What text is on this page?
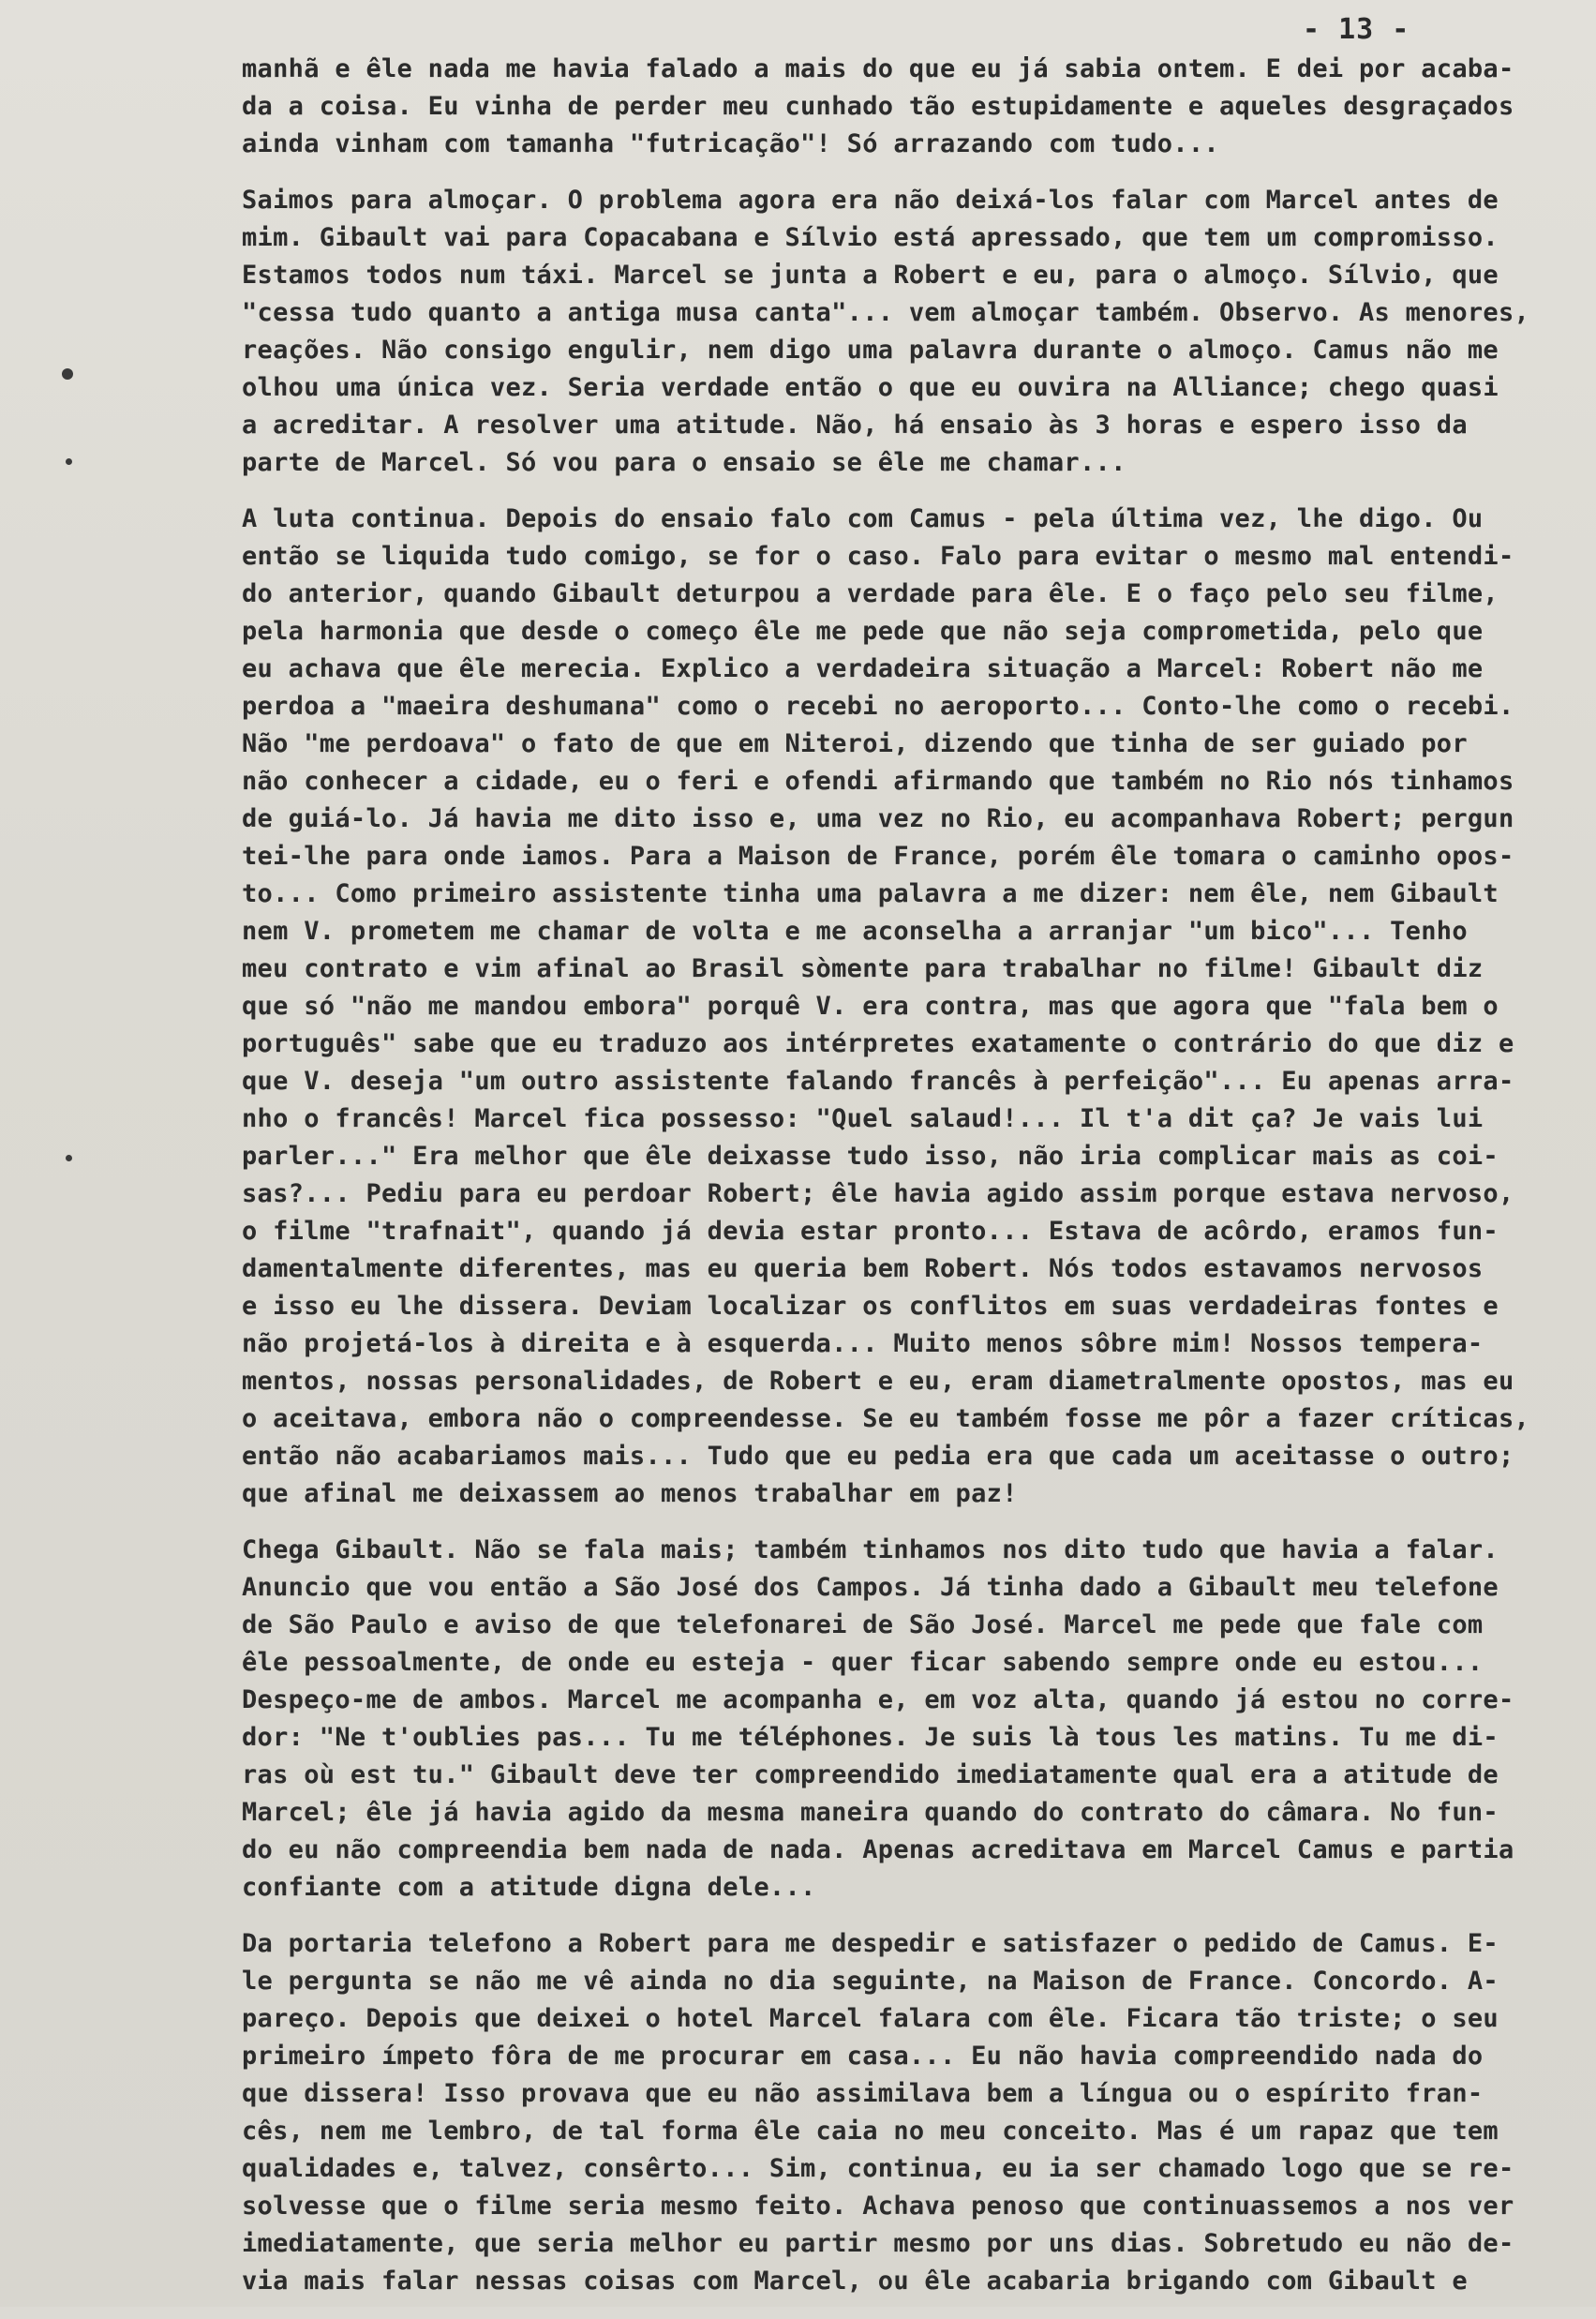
- 13 -
manhã e êle nada me havia falado a mais do que eu já sabia ontem. E dei por acaba-
da a coisa. Eu vinha de perder meu cunhado tão estupidamente e aqueles desgraçados
ainda vinham com tamanha "futricação"! Só arrazando com tudo...
Saimos para almoçar. O problema agora era não deixá-los falar com Marcel antes de
mim. Gibault vai para Copacabana e Sílvio está apressado, que tem um compromisso.
Estamos todos num táxi. Marcel se junta a Robert e eu, para o almoço. Sílvio, que
"cessa tudo quanto a antiga musa canta"... vem almoçar também. Observo. As menores,
reações. Não consigo engulir, nem digo uma palavra durante o almoço. Camus não me
olhou uma única vez. Seria verdade então o que eu ouvira na Alliance; chego quasi
a acreditar. A resolver uma atitude. Não, há ensaio às 3 horas e espero isso da
parte de Marcel. Só vou para o ensaio se êle me chamar...
A luta continua. Depois do ensaio falo com Camus - pela última vez, lhe digo. Ou
então se liquida tudo comigo, se for o caso. Falo para evitar o mesmo mal entendi-
do anterior, quando Gibault deturpou a verdade para êle. E o faço pelo seu filme,
pela harmonia que desde o começo êle me pede que não seja comprometida, pelo que
eu achava que êle merecia. Explico a verdadeira situação a Marcel: Robert não me
perdoa a "maeira deshumana" como o recebi no aeroporto... Conto-lhe como o recebi.
Não "me perdoava" o fato de que em Niteroi, dizendo que tinha de ser guiado por
não conhecer a cidade, eu o feri e ofendi afirmando que também no Rio nós tinhamos
de guiá-lo. Já havia me dito isso e, uma vez no Rio, eu acompanhava Robert; pergun
tei-lhe para onde iamos. Para a Maison de France, porém êle tomara o caminho opos-
to... Como primeiro assistente tinha uma palavra a me dizer: nem êle, nem Gibault
nem V. prometem me chamar de volta e me aconselha a arranjar "um bico"... Tenho
meu contrato e vim afinal ao Brasil sòmente para trabalhar no filme! Gibault diz
que só "não me mandou embora" porquê V. era contra, mas que agora que "fala bem o
português" sabe que eu traduzo aos intérpretes exatamente o contrário do que diz e
que V. deseja "um outro assistente falando francês à perfeição"... Eu apenas arra-
nho o francês! Marcel fica possesso: "Quel salaud!... Il t'a dit ça? Je vais lui
parler..." Era melhor que êle deixasse tudo isso, não iria complicar mais as coi-
sas?... Pediu para eu perdoar Robert; êle havia agido assim porque estava nervoso,
o filme "trafnait", quando já devia estar pronto... Estava de acôrdo, eramos fun-
damentalmente diferentes, mas eu queria bem Robert. Nós todos estavamos nervosos
e isso eu lhe dissera. Deviam localizar os conflitos em suas verdadeiras fontes e
não projetá-los à direita e à esquerda... Muito menos sôbre mim! Nossos tempera-
mentos, nossas personalidades, de Robert e eu, eram diametralmente opostos, mas eu
o aceitava, embora não o compreendesse. Se eu também fosse me pôr a fazer críticas,
então não acabariamos mais... Tudo que eu pedia era que cada um aceitasse o outro;
que afinal me deixassem ao menos trabalhar em paz!
Chega Gibault. Não se fala mais; também tinhamos nos dito tudo que havia a falar.
Anuncio que vou então a São José dos Campos. Já tinha dado a Gibault meu telefone
de São Paulo e aviso de que telefonarei de São José. Marcel me pede que fale com
êle pessoalmente, de onde eu esteja - quer ficar sabendo sempre onde eu estou...
Despeço-me de ambos. Marcel me acompanha e, em voz alta, quando já estou no corre-
dor: "Ne t'oublies pas... Tu me téléphones. Je suis là tous les matins. Tu me di-
ras où est tu." Gibault deve ter compreendido imediatamente qual era a atitude de
Marcel; êle já havia agido da mesma maneira quando do contrato do câmara. No fun-
do eu não compreendia bem nada de nada. Apenas acreditava em Marcel Camus e partia
confiante com a atitude digna dele...
Da portaria telefono a Robert para me despedir e satisfazer o pedido de Camus. E-
le pergunta se não me vê ainda no dia seguinte, na Maison de France. Concordo. A-
pareço. Depois que deixei o hotel Marcel falara com êle. Ficara tão triste; o seu
primeiro ímpeto fôra de me procurar em casa... Eu não havia compreendido nada do
que dissera! Isso provava que eu não assimilava bem a língua ou o espírito fran-
cês, nem me lembro, de tal forma êle caia no meu conceito. Mas é um rapaz que tem
qualidades e, talvez, consêrto... Sim, continua, eu ia ser chamado logo que se re-
solvesse que o filme seria mesmo feito. Achava penoso que continuassemos a nos ver
imediatamente, que seria melhor eu partir mesmo por uns dias. Sobretudo eu não de-
via mais falar nessas coisas com Marcel, ou êle acabaria brigando com Gibault e
